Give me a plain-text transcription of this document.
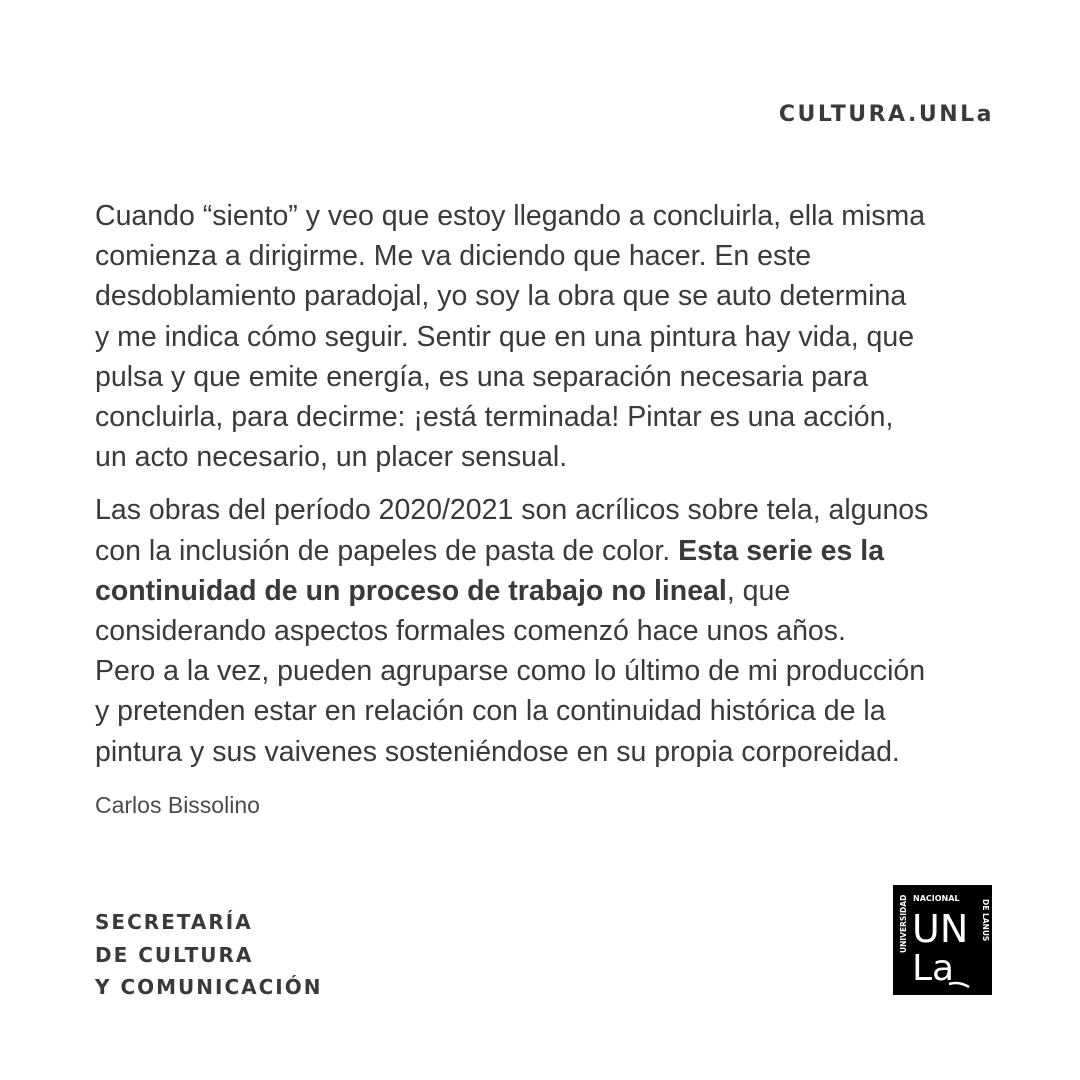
CULTURA.UNLa

Cuando “siento” y veo que estoy llegando a concluirla, ella misma
comienza a dirigirme. Me va diciendo que hacer. En este
desdoblamiento paradojal, yo soy la obra que se auto determina
y me indica cómo seguir. Sentir que en una pintura hay vida, que
pulsa y que emite energía, es una separación necesaria para
concluirla, para decirme: ¡está terminada! Pintar es una acción,
un acto necesario, un placer sensual.

Las obras del período 2020/2021 son acrílicos sobre tela, algunos
con la inclusión de papeles de pasta de color. Esta serie es la
continuidad de un proceso de trabajo no lineal, que
considerando aspectos formales comenzó hace unos años.
Pero a la vez, pueden agruparse como lo último de mi producción
y pretenden estar en relación con la continuidad histórica de la
pintura y sus vaivenes sosteniéndose en su propia corporeidad.

Carlos Bissolino
SECRETARÍA
DE CULTURA
Y COMUNICACIÓN
UNIVERSIDAD NACIONAL
DE LANUS
UN
La
